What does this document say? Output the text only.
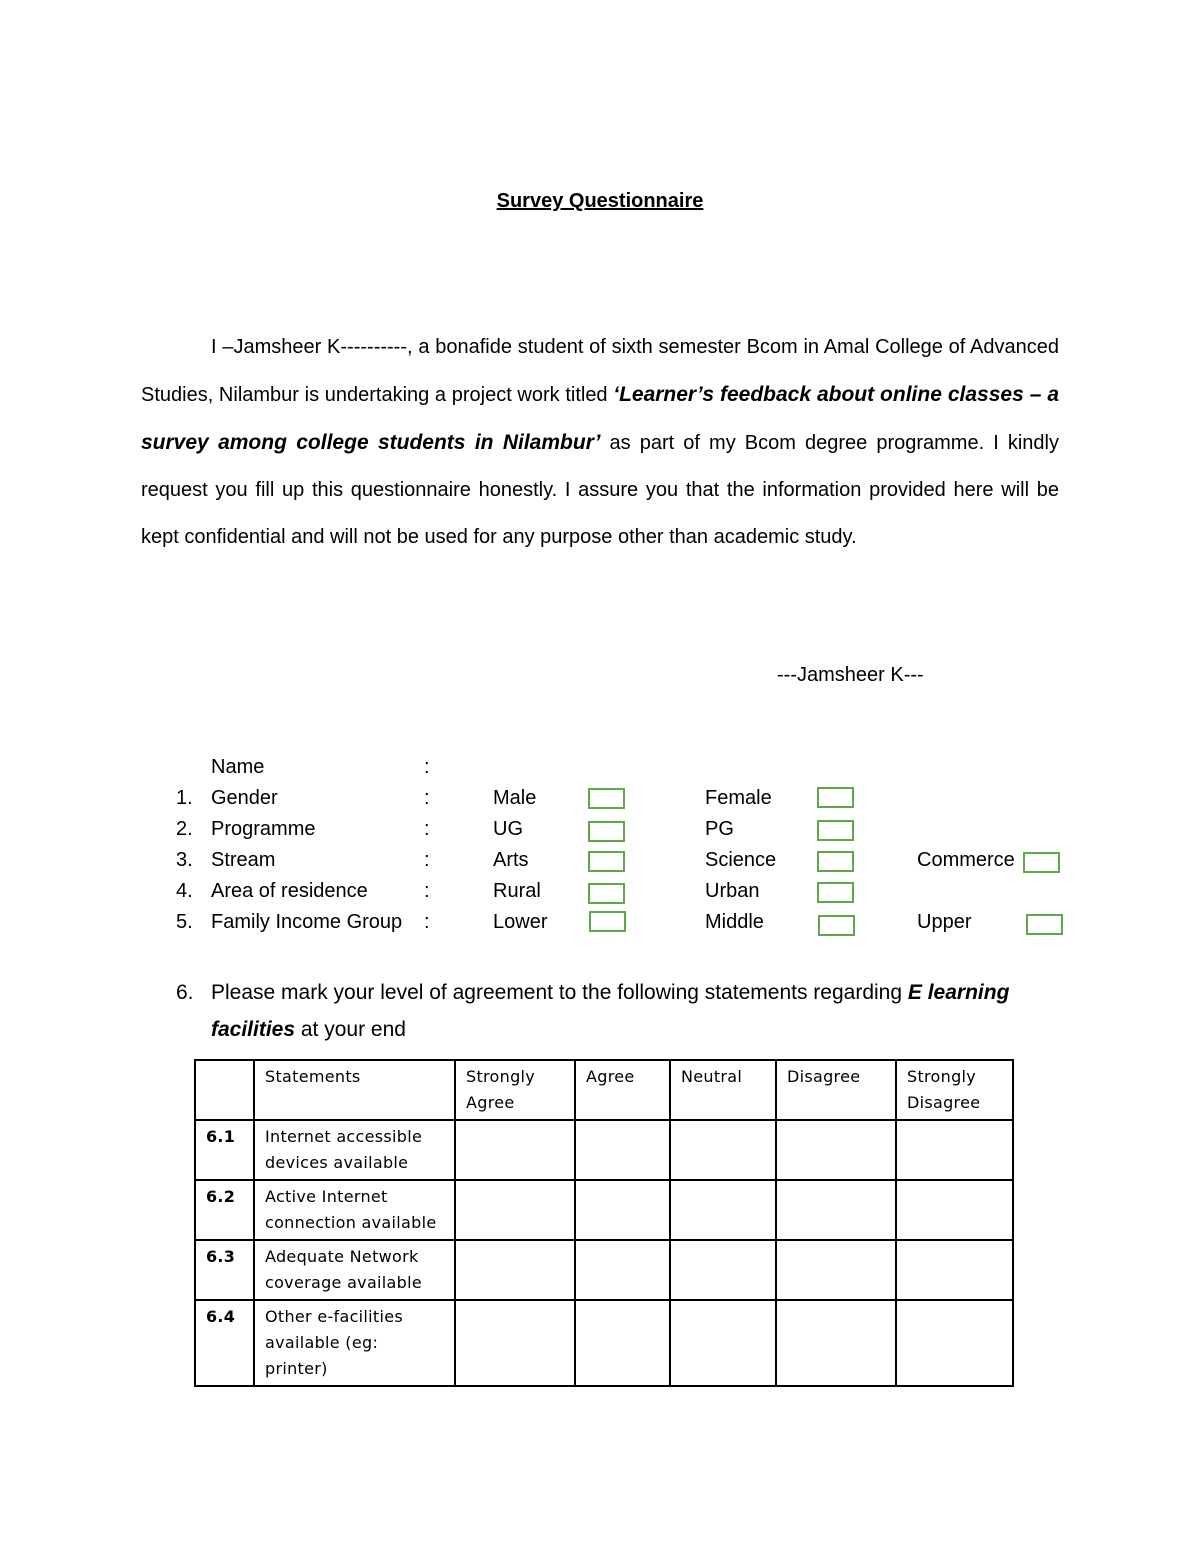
Survey Questionnaire

I –Jamsheer K----------, a bonafide student of sixth semester Bcom in Amal College of Advanced Studies, Nilambur is undertaking a project work titled ‘Learner’s feedback about online classes – a survey among college students in Nilambur’ as part of my Bcom degree programme. I kindly request you fill up this questionnaire honestly. I assure you that the information provided here will be kept confidential and will not be used for any purpose other than academic study.

---Jamsheer K---
Name	:
1. Gender	:	Male	Female
2. Programme	:	UG	PG
3. Stream	:	Arts	Science	Commerce
4. Area of residence	:	Rural	Urban
5. Family Income Group :	Lower	Middle	Upper
6. Please mark your level of agreement to the following statements regarding E learning facilities at your end
	Statements	Strongly Agree	Agree	Neutral	Disagree	Strongly Disagree
6.1	Internet accessible devices available					
6.2	Active Internet connection available					
6.3	Adequate Network coverage available					
6.4	Other e-facilities available (eg: printer)					
